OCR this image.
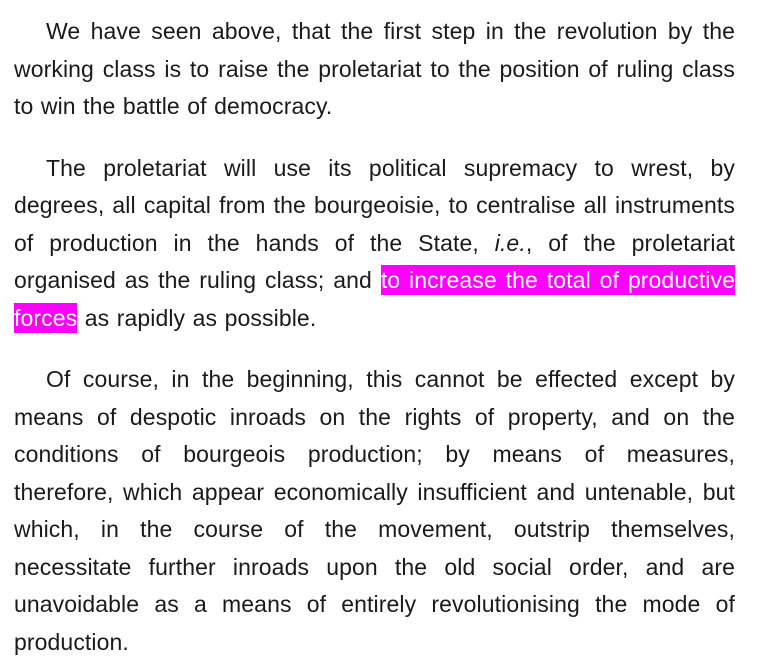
We have seen above, that the first step in the revolution by the working class is to raise the proletariat to the position of ruling class to win the battle of democracy.

The proletariat will use its political supremacy to wrest, by degrees, all capital from the bourgeoisie, to centralise all instruments of production in the hands of the State, i.e., of the proletariat organised as the ruling class; and to increase the total of productive forces as rapidly as possible.

Of course, in the beginning, this cannot be effected except by means of despotic inroads on the rights of property, and on the conditions of bourgeois production; by means of measures, therefore, which appear economically insufficient and untenable, but which, in the course of the movement, outstrip themselves, necessitate further inroads upon the old social order, and are unavoidable as a means of entirely revolutionising the mode of production.
